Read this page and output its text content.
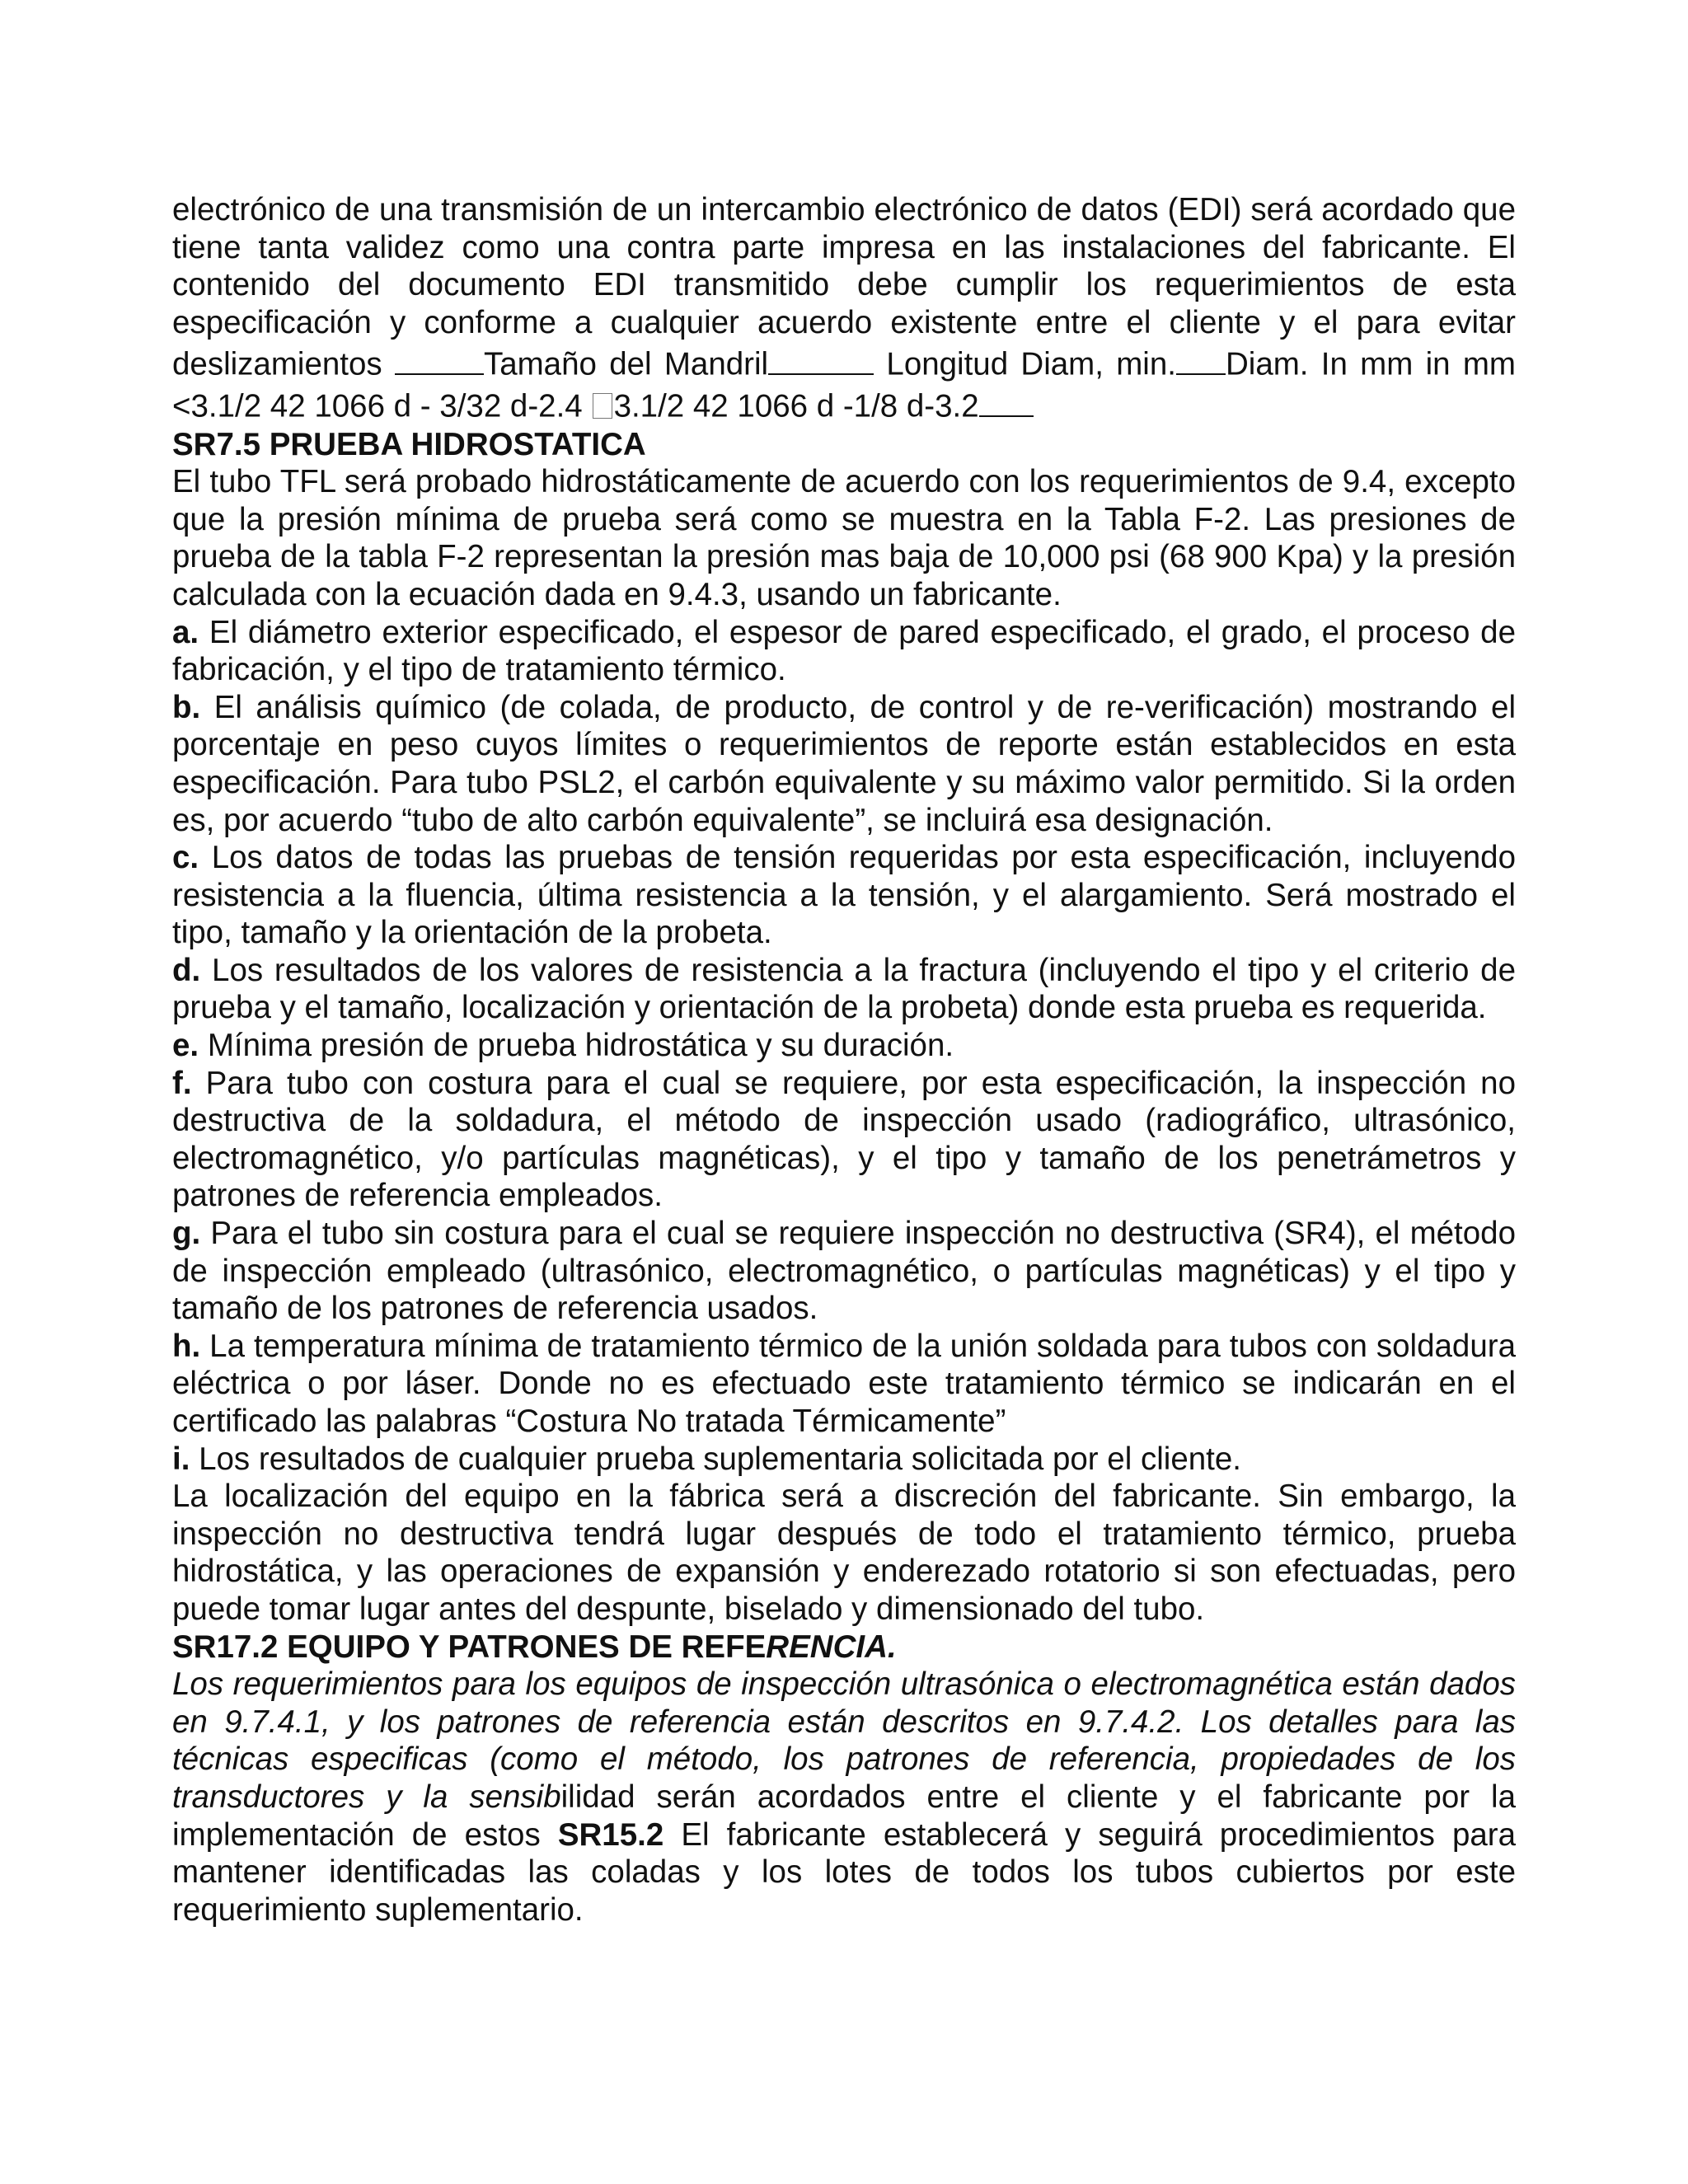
electrónico de una transmisión de un intercambio electrónico de datos (EDI) será acordado que tiene tanta validez como una contra parte impresa en las instalaciones del fabricante. El contenido del documento EDI transmitido debe cumplir los requerimientos de esta especificación y conforme a cualquier acuerdo existente entre el cliente y el para evitar deslizamientos	Tamaño del Mandril	Longitud Diam, min. Diam. In mm in mm <3.1/2 42 1066 d - 3/32 d-2.4 3.1/2 42 1066 d -1/8 d-3.2

SR7.5 PRUEBA HIDROSTATICA

El tubo TFL será probado hidrostáticamente de acuerdo con los requerimientos de 9.4, excepto que la presión mínima de prueba será como se muestra en la Tabla F-2. Las presiones de prueba de la tabla F-2 representan la presión mas baja de 10,000 psi (68 900 Kpa) y la presión calculada con la ecuación dada en 9.4.3, usando un fabricante.

a. El diámetro exterior especificado, el espesor de pared especificado, el grado, el proceso de fabricación, y el tipo de tratamiento térmico.

b. El análisis químico (de colada, de producto, de control y de re-verificación) mostrando el porcentaje en peso cuyos límites o requerimientos de reporte están establecidos en esta especificación. Para tubo PSL2, el carbón equivalente y su máximo valor permitido. Si la orden es, por acuerdo “tubo de alto carbón equivalente”, se incluirá esa designación.

c. Los datos de todas las pruebas de tensión requeridas por esta especificación, incluyendo resistencia a la fluencia, última resistencia a la tensión, y el alargamiento. Será mostrado el tipo, tamaño y la orientación de la probeta.

d. Los resultados de los valores de resistencia a la fractura (incluyendo el tipo y el criterio de prueba y el tamaño, localización y orientación de la probeta) donde esta prueba es requerida.

e. Mínima presión de prueba hidrostática y su duración.

f. Para tubo con costura para el cual se requiere, por esta especificación, la inspección no destructiva de la soldadura, el método de inspección usado (radiográfico, ultrasónico, electromagnético, y/o partículas magnéticas), y el tipo y tamaño de los penetrámetros y patrones de referencia empleados.

g. Para el tubo sin costura para el cual se requiere inspección no destructiva (SR4), el método de inspección empleado (ultrasónico, electromagnético, o partículas magnéticas) y el tipo y tamaño de los patrones de referencia usados.

h. La temperatura mínima de tratamiento térmico de la unión soldada para tubos con soldadura eléctrica o por láser. Donde no es efectuado este tratamiento térmico se indicarán en el certificado las palabras “Costura No tratada Térmicamente”

i. Los resultados de cualquier prueba suplementaria solicitada por el cliente.

La localización del equipo en la fábrica será a discreción del fabricante. Sin embargo, la inspección no destructiva tendrá lugar después de todo el tratamiento térmico, prueba hidrostática, y las operaciones de expansión y enderezado rotatorio si son efectuadas, pero puede tomar lugar antes del despunte, biselado y dimensionado del tubo.

SR17.2 EQUIPO Y PATRONES DE REFERENCIA.

Los requerimientos para los equipos de inspección ultrasónica o electromagnética están dados en 9.7.4.1, y los patrones de referencia están descritos en 9.7.4.2. Los detalles para las técnicas especificas (como el método, los patrones de referencia, propiedades de los transductores y la sensibilidad serán acordados entre el cliente y el fabricante por la implementación de estos SR15.2 El fabricante establecerá y seguirá procedimientos para mantener identificadas las coladas y los lotes de todos los tubos cubiertos por este requerimiento suplementario.
